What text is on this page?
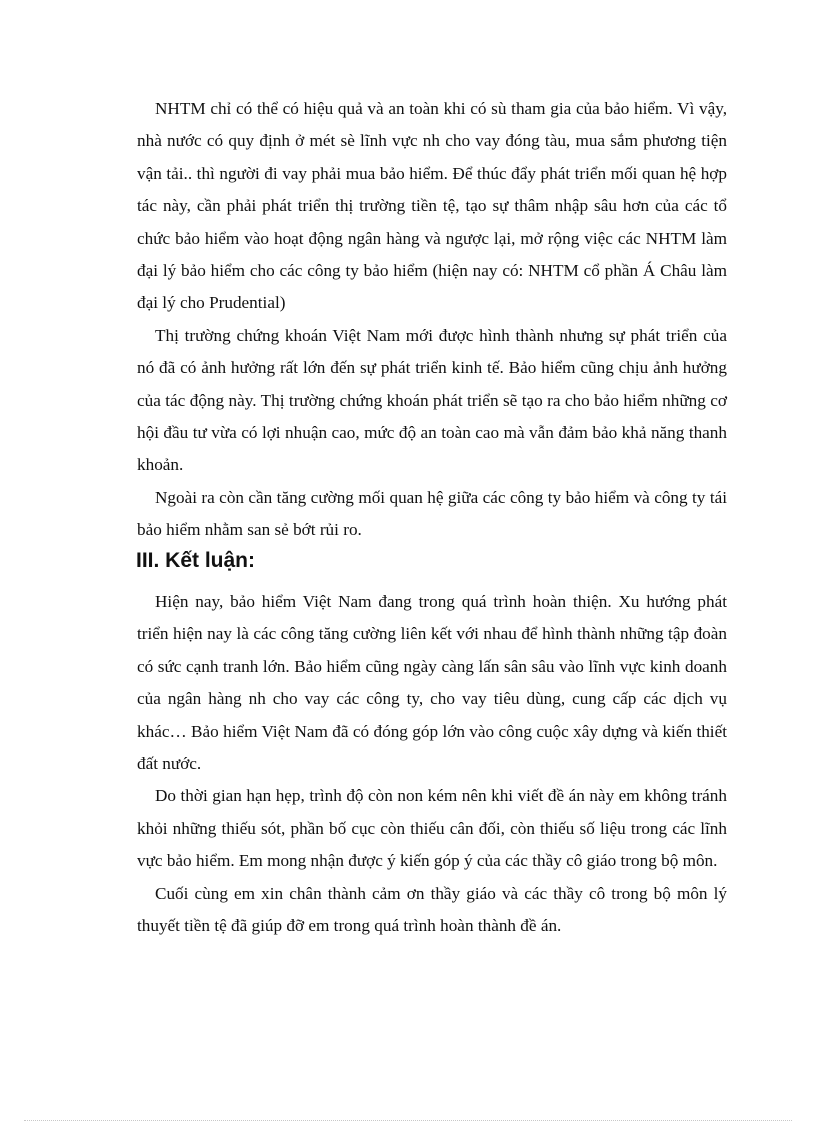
NHTM chỉ có thể có hiệu quả và an toàn khi có sù tham gia của bảo hiểm. Vì vậy, nhà nước có quy định ở mét sè lĩnh vực nh cho vay đóng tàu, mua sắm phương tiện vận tải.. thì người đi vay phải mua bảo hiểm. Để thúc đẩy phát triển mối quan hệ hợp tác này, cần phải phát triển thị trường tiền tệ, tạo sự thâm nhập sâu hơn của các tổ chức bảo hiểm vào hoạt động ngân hàng và ngược lại, mở rộng việc các NHTM làm đại lý bảo hiểm cho các công ty bảo hiểm (hiện nay có: NHTM cổ phần Á Châu làm đại lý cho Prudential)

Thị trường chứng khoán Việt Nam mới được hình thành nhưng sự phát triển của nó đã có ảnh hưởng rất lớn đến sự phát triển kinh tế. Bảo hiểm cũng chịu ảnh hưởng của tác động này. Thị trường chứng khoán phát triển sẽ tạo ra cho bảo hiểm những cơ hội đầu tư vừa có lợi nhuận cao, mức độ an toàn cao mà vẫn đảm bảo khả năng thanh khoản.

Ngoài ra còn cần tăng cường mối quan hệ giữa các công ty bảo hiểm và công ty tái bảo hiểm nhằm san sẻ bớt rủi ro.

III. Kết luận:

Hiện nay, bảo hiểm Việt Nam đang trong quá trình hoàn thiện. Xu hướng phát triển hiện nay là các công tăng cường liên kết với nhau để hình thành những tập đoàn có sức cạnh tranh lớn. Bảo hiểm cũng ngày càng lấn sân sâu vào lĩnh vực kinh doanh của ngân hàng nh cho vay các công ty, cho vay tiêu dùng, cung cấp các dịch vụ khác… Bảo hiểm Việt Nam đã có đóng góp lớn vào công cuộc xây dựng và kiến thiết đất nước.

Do thời gian hạn hẹp, trình độ còn non kém nên khi viết đề án này em không tránh khỏi những thiếu sót, phần bố cục còn thiếu cân đối, còn thiếu số liệu trong các lĩnh vực bảo hiểm. Em mong nhận được ý kiến góp ý của các thầy cô giáo trong bộ môn.

Cuối cùng em xin chân thành cảm ơn thầy giáo và các thầy cô trong bộ môn lý thuyết tiền tệ đã giúp đỡ em trong quá trình hoàn thành đề án.
